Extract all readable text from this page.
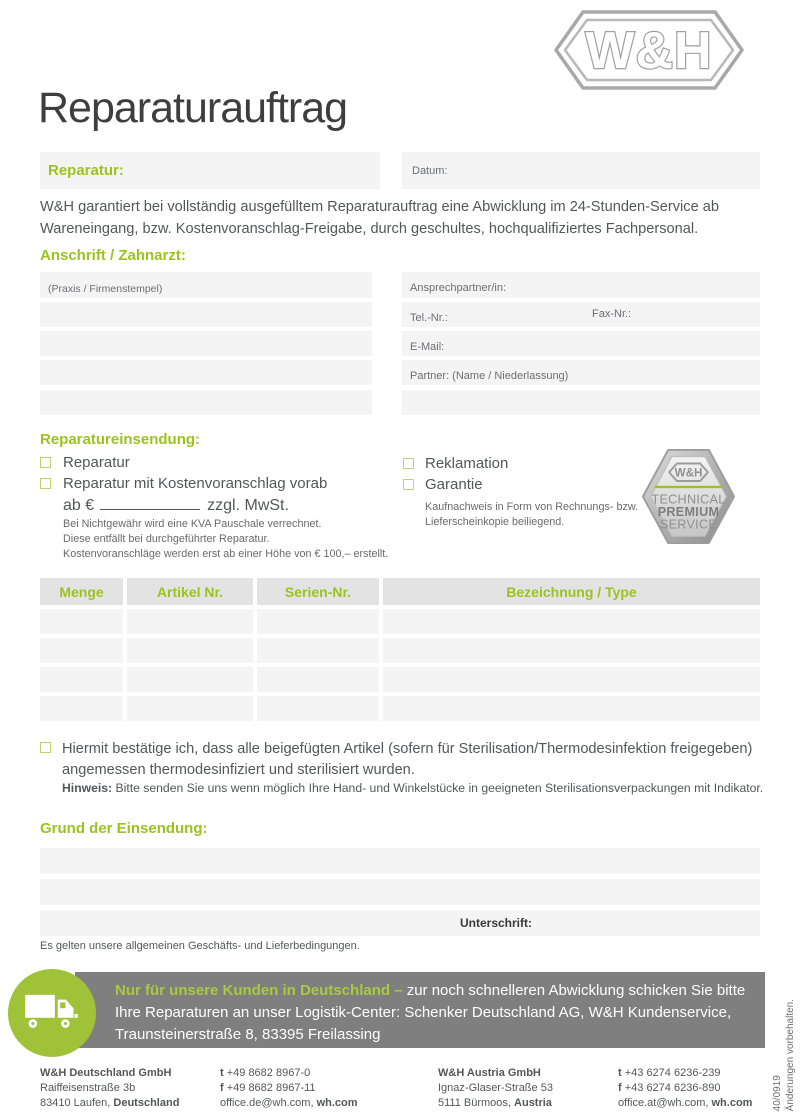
W&H
Reparaturauftrag
Reparatur:	Datum:
W&H garantiert bei vollständig ausgefülltem Reparaturauftrag eine Abwicklung im 24-Stunden-Service ab
Wareneingang, bzw. Kostenvoranschlag-Freigabe, durch geschultes, hochqualifiziertes Fachpersonal.
Anschrift / Zahnarzt:
(Praxis / Firmenstempel)	Ansprechpartner/in:
Tel.-Nr.:	Fax-Nr.:
E-Mail:
Partner: (Name / Niederlassung)
Reparatureinsendung:
Reparatur
Reparatur mit Kostenvoranschlag vorab
ab €	zzgl. MwSt.
Bei Nichtgewähr wird eine KVA Pauschale verrechnet.
Diese entfällt bei durchgeführter Reparatur.
Kostenvoranschläge werden erst ab einer Höhe von € 100,– erstellt.
Reklamation
Garantie
Kaufnachweis in Form von Rechnungs- bzw. Lieferscheinkopie beiliegend.
W&H
TECHNICAL
PREMIUM
SERVICE
Menge	Artikel Nr.	Serien-Nr.	Bezeichnung / Type
Hiermit bestätige ich, dass alle beigefügten Artikel (sofern für Sterilisation/Thermodesinfektion freigegeben)
angemessen thermodesinfiziert und sterilisiert wurden.
Hinweis: Bitte senden Sie uns wenn möglich Ihre Hand- und Winkelstücke in geeigneten Sterilisationsverpackungen mit Indikator.
Grund der Einsendung:
Unterschrift:
Es gelten unsere allgemeinen Geschäfts- und Lieferbedingungen.
Nur für unsere Kunden in Deutschland – zur noch schnelleren Abwicklung schicken Sie bitte
Ihre Reparaturen an unser Logistik-Center: Schenker Deutschland AG, W&H Kundenservice,
Traunsteinerstraße 8, 83395 Freilassing
W&H Deutschland GmbH
Raiffeisenstraße 3b
83410 Laufen, Deutschland
t +49 8682 8967-0
f +49 8682 8967-11
office.de@wh.com, wh.com
W&H Austria GmbH
Ignaz-Glaser-Straße 53
5111 Bürmoos, Austria
t +43 6274 6236-239
f +43 6274 6236-890
office.at@wh.com, wh.com 40/0919 Änderungen vorbehalten.
